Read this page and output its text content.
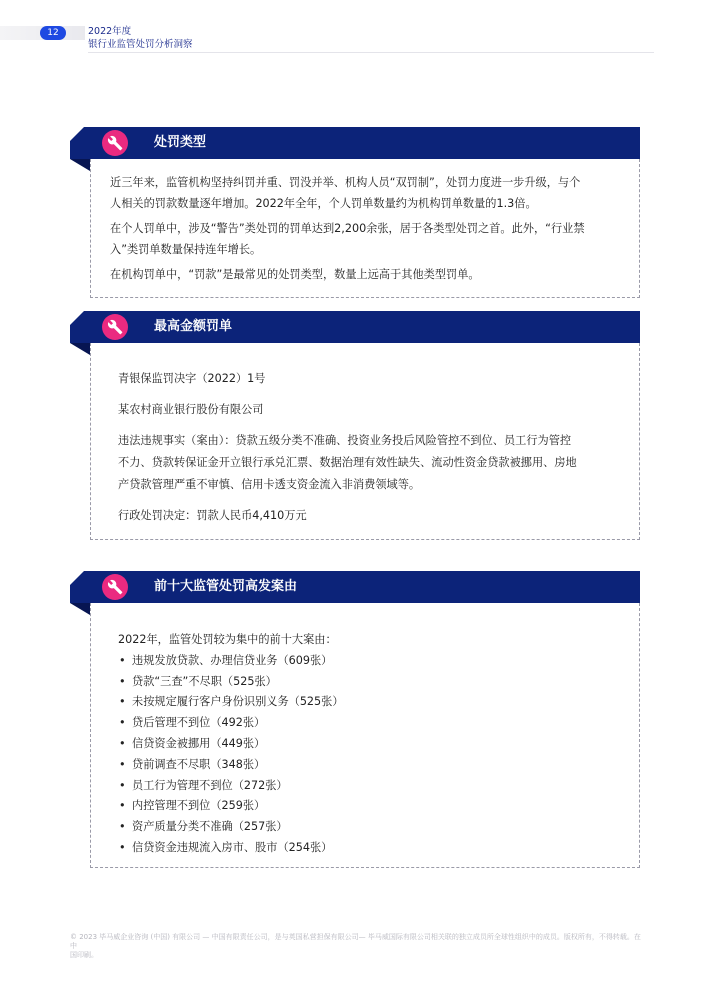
12	2022年度
银行业监管处罚分析洞察
处罚类型
近三年来，监管机构坚持纠罚并重、罚没并举、机构人员“双罚制”，处罚力度进一步升级，与个
人相关的罚款数量逐年增加。2022年全年，个人罚单数量约为机构罚单数量的1.3倍。
在个人罚单中，涉及“警告”类处罚的罚单达到2,200余张，居于各类型处罚之首。此外，“行业禁
入”类罚单数量保持连年增长。
在机构罚单中，“罚款”是最常见的处罚类型，数量上远高于其他类型罚单。
最高金额罚单
青银保监罚决字（2022）1号
某农村商业银行股份有限公司
违法违规事实（案由）：贷款五级分类不准确、投资业务投后风险管控不到位、员工行为管控
不力、贷款转保证金开立银行承兑汇票、数据治理有效性缺失、流动性资金贷款被挪用、房地
产贷款管理严重不审慎、信用卡透支资金流入非消费领域等。
行政处罚决定：罚款人民币4,410万元
前十大监管处罚高发案由
2022年，监管处罚较为集中的前十大案由：
• 违规发放贷款、办理信贷业务（609张）
• 贷款“三查”不尽职（525张）
• 未按规定履行客户身份识别义务（525张）
• 贷后管理不到位（492张）
• 信贷资金被挪用（449张）
• 贷前调查不尽职（348张）
• 员工行为管理不到位（272张）
• 内控管理不到位（259张）
• 资产质量分类不准确（257张）
• 信贷资金违规流入房市、股市（254张）
© 2023 毕马威企业咨询 (中国) 有限公司 — 中国有限责任公司，是与英国私营担保有限公司— 毕马威国际有限公司相关联的独立成员所全球性组织中的成员。版权所有，不得转载。在中
国印刷。
